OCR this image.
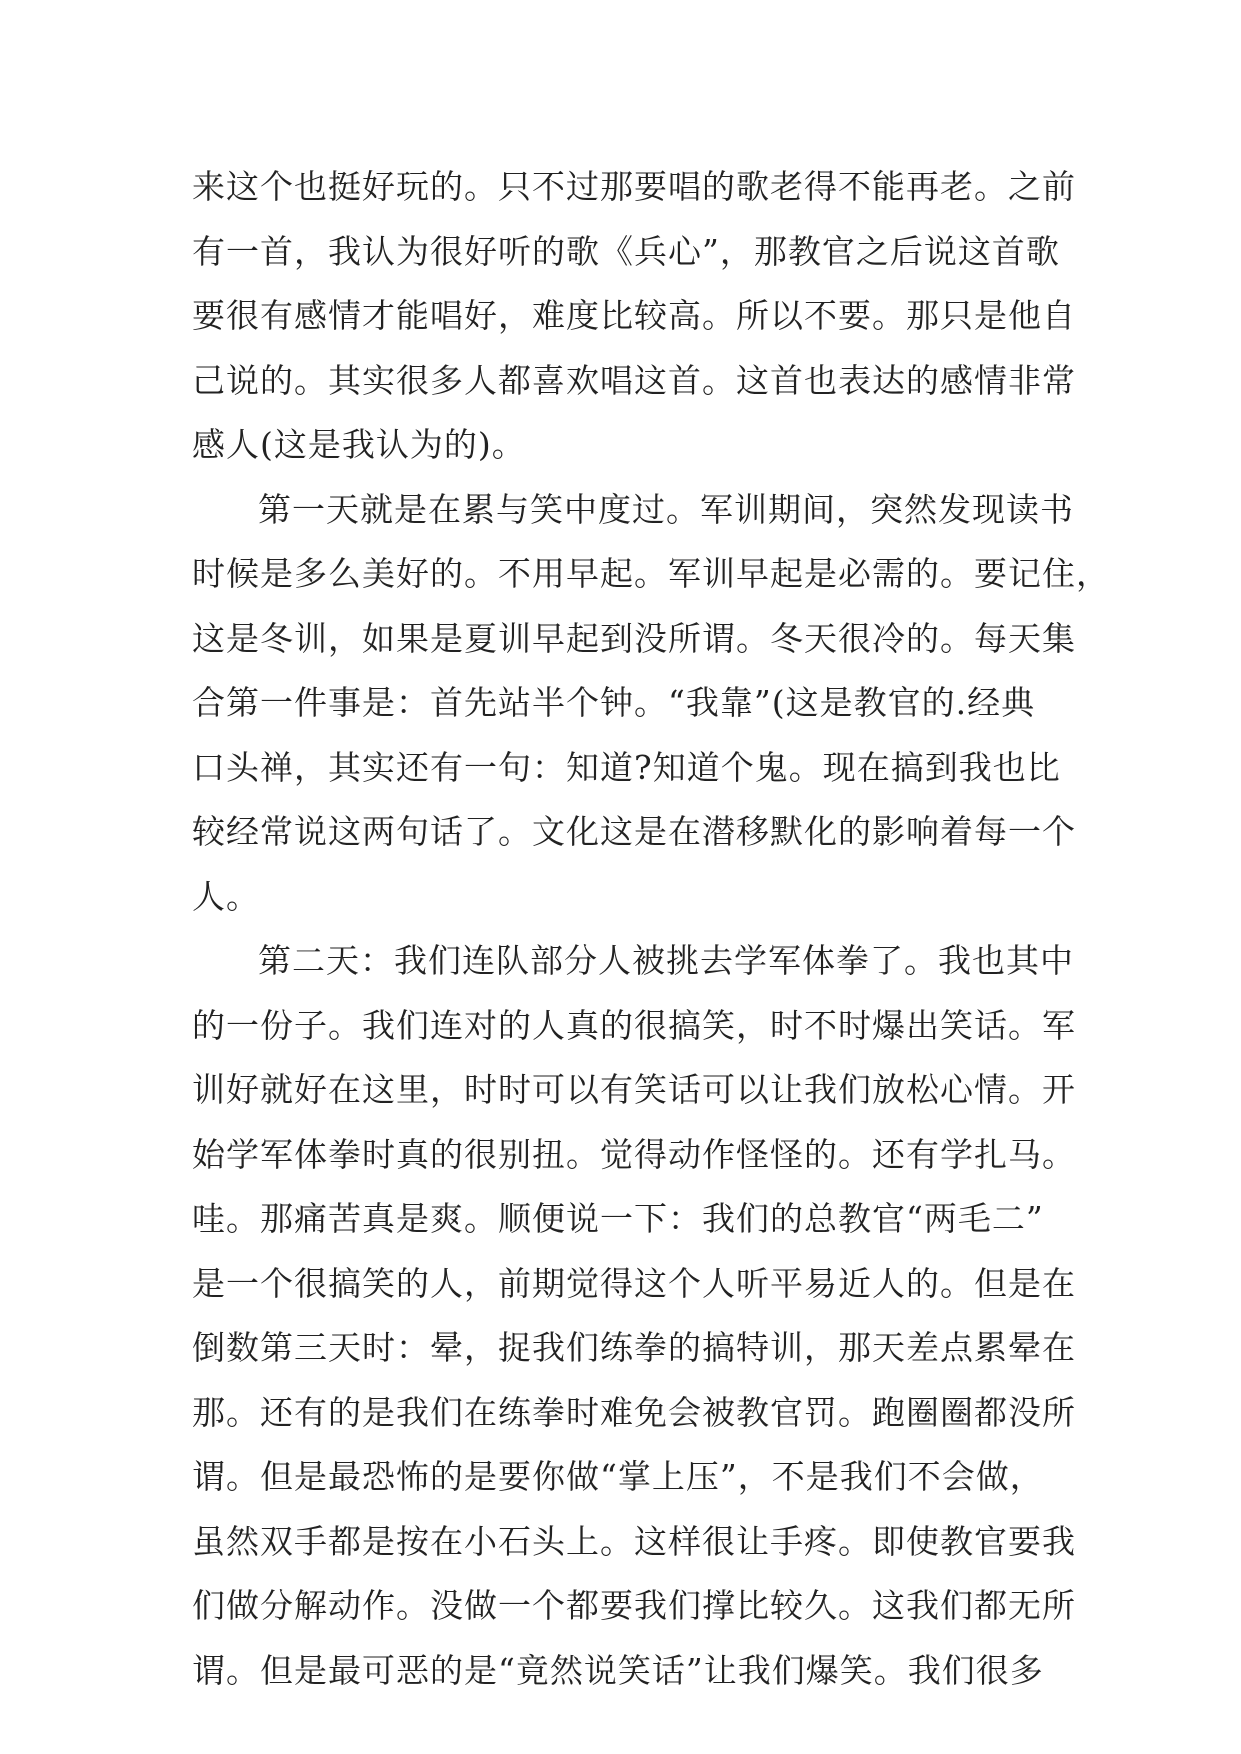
来这个也挺好玩的。只不过那要唱的歌老得不能再老。之前
有一首，我认为很好听的歌《兵心”，那教官之后说这首歌
要很有感情才能唱好，难度比较高。所以不要。那只是他自
己说的。其实很多人都喜欢唱这首。这首也表达的感情非常
感人(这是我认为的)。
第一天就是在累与笑中度过。军训期间，突然发现读书
时候是多么美好的。不用早起。军训早起是必需的。要记住，
这是冬训，如果是夏训早起到没所谓。冬天很冷的。每天集
合第一件事是：首先站半个钟。“我靠”(这是教官的.经典
口头禅，其实还有一句：知道?知道个鬼。现在搞到我也比
较经常说这两句话了。文化这是在潜移默化的影响着每一个
人。
第二天：我们连队部分人被挑去学军体拳了。我也其中
的一份子。我们连对的人真的很搞笑，时不时爆出笑话。军
训好就好在这里，时时可以有笑话可以让我们放松心情。开
始学军体拳时真的很别扭。觉得动作怪怪的。还有学扎马。
哇。那痛苦真是爽。顺便说一下：我们的总教官“两毛二”
是一个很搞笑的人，前期觉得这个人听平易近人的。但是在
倒数第三天时：晕，捉我们练拳的搞特训，那天差点累晕在
那。还有的是我们在练拳时难免会被教官罚。跑圈圈都没所
谓。但是最恐怖的是要你做“掌上压”，不是我们不会做，
虽然双手都是按在小石头上。这样很让手疼。即使教官要我
们做分解动作。没做一个都要我们撑比较久。这我们都无所
谓。但是最可恶的是“竟然说笑话”让我们爆笑。我们很多
